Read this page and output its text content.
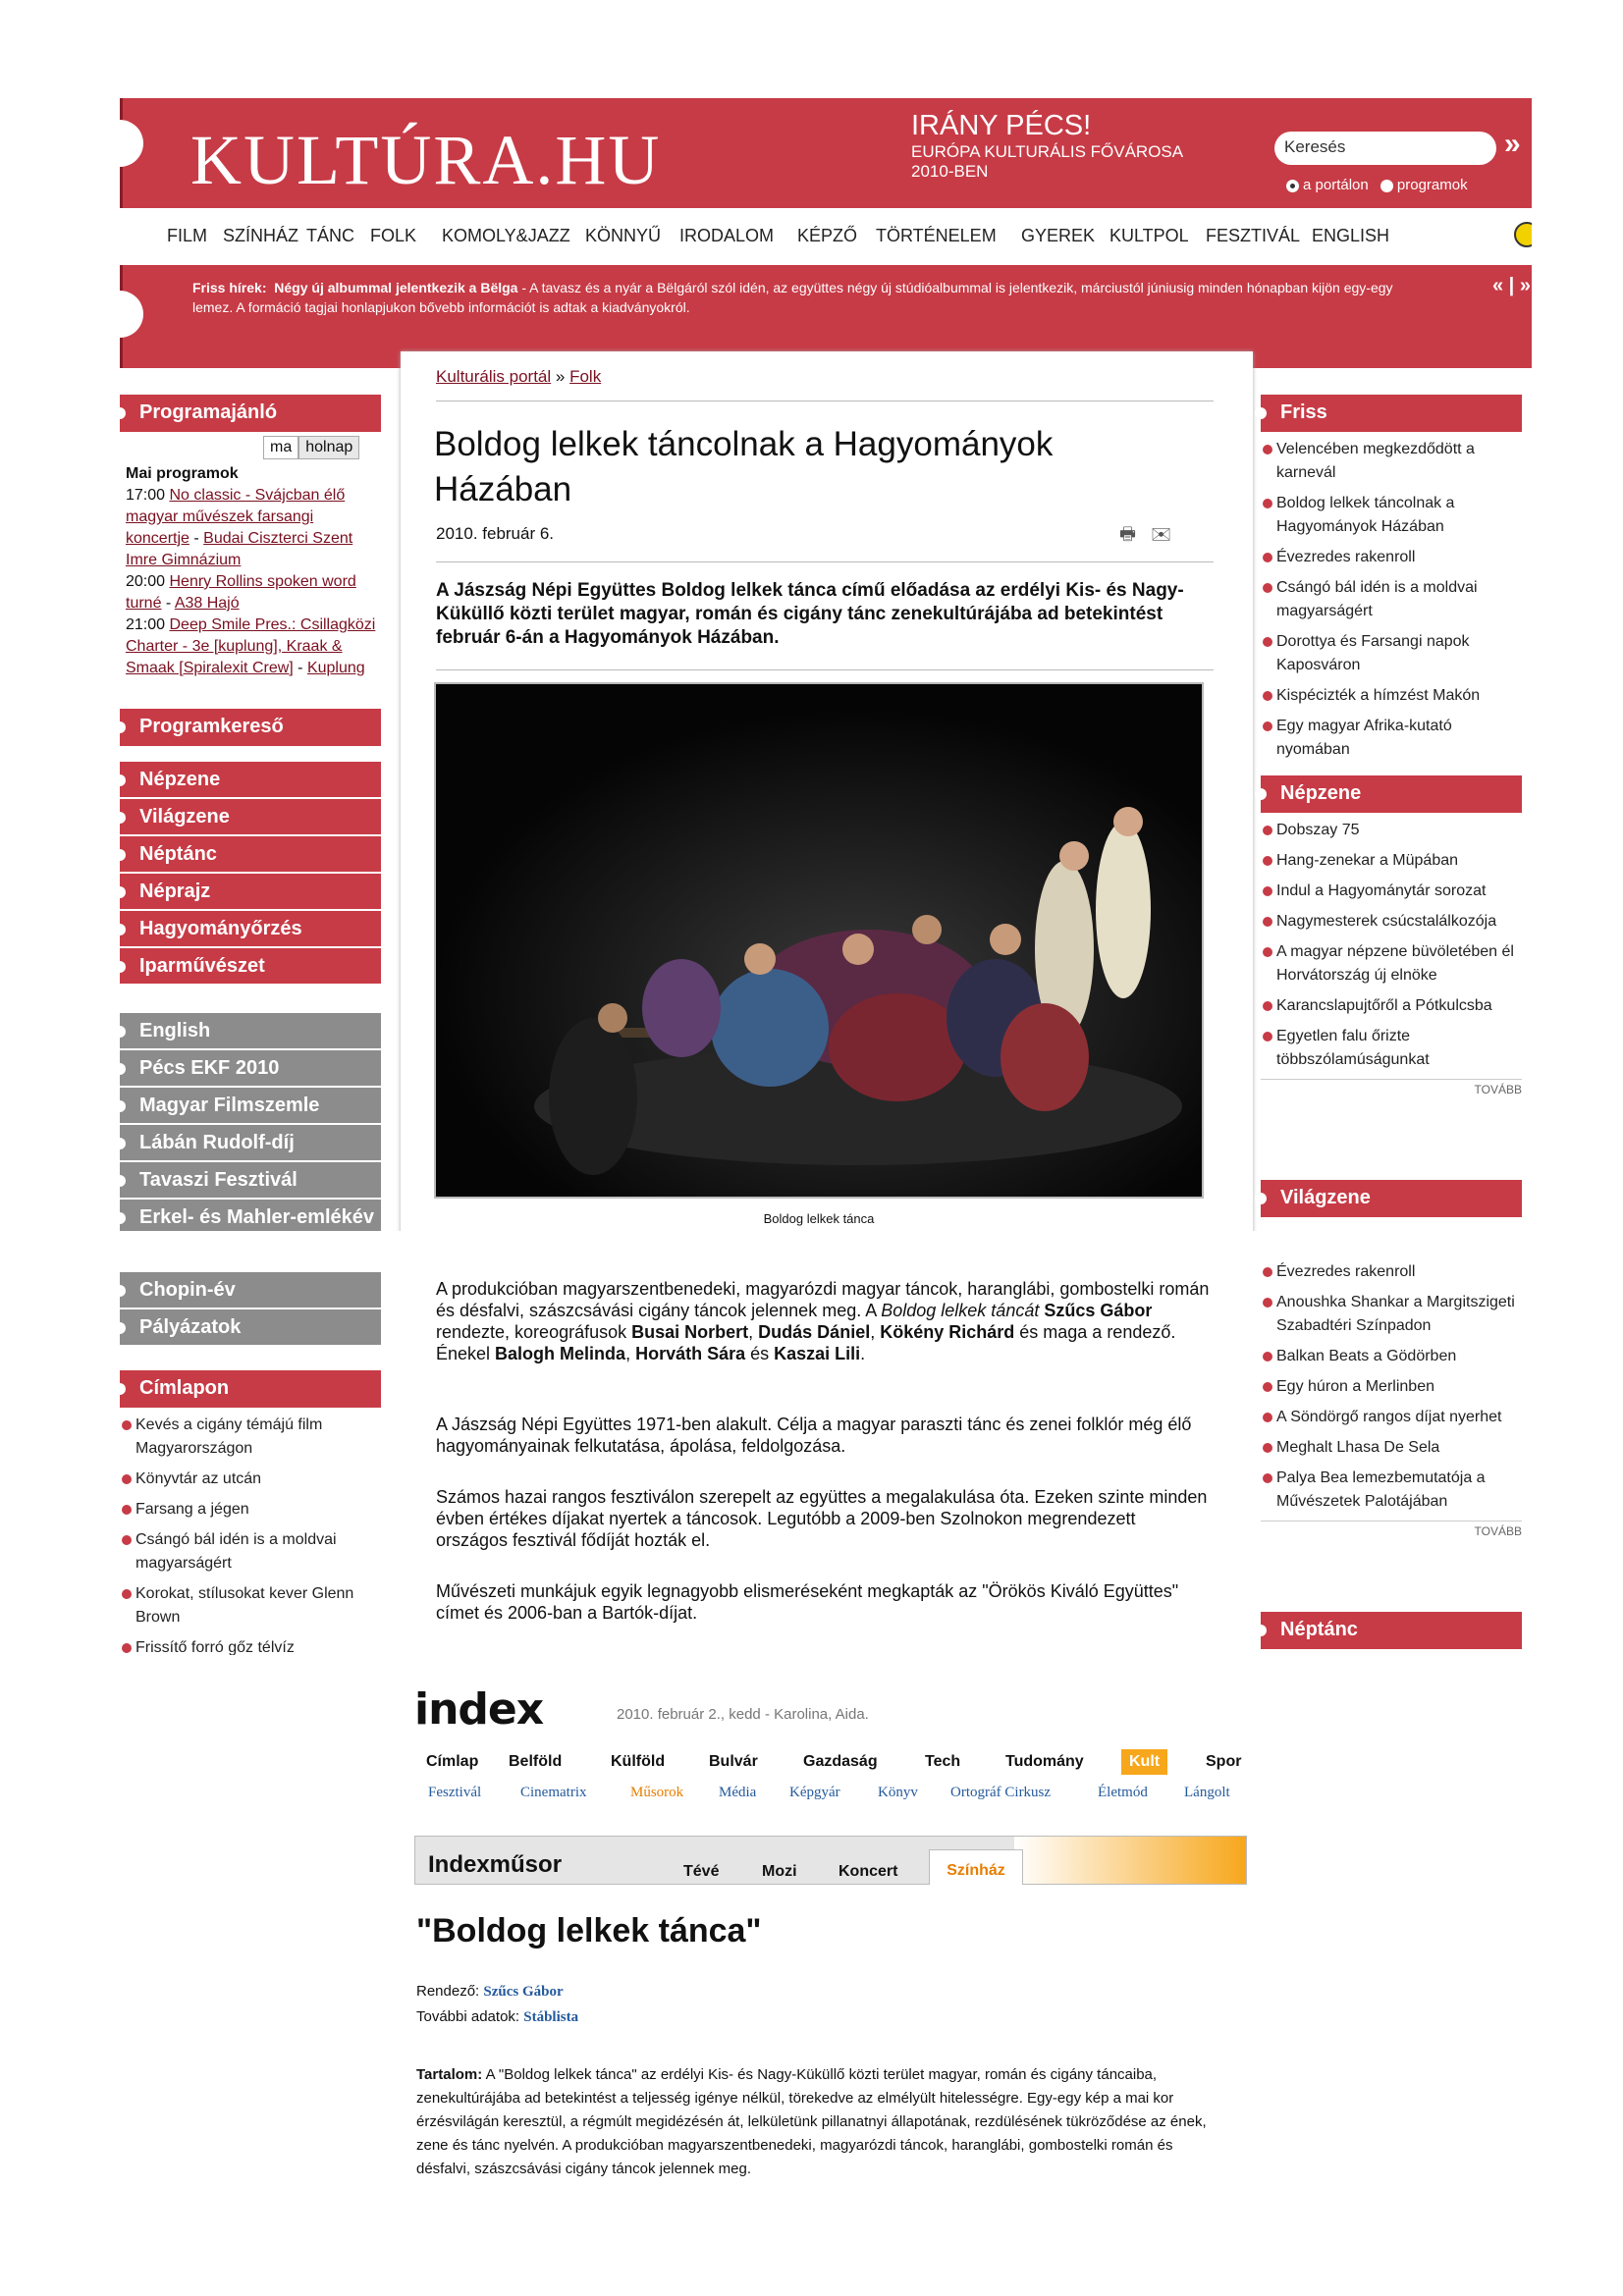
KULTÚRA.HU	IRÁNY PÉCS!
EURÓPA KULTURÁLIS FŐVÁROSA
2010-BEN
Keresés	»
a portálon programok
FILM SZÍNHÁZ TÁNC FOLK KOMOLY&JAZZ KÖNNYŰ IRODALOM KÉPZŐ TÖRTÉNELEM GYEREK KULTPOL FESZTIVÁL ENGLISH
Friss hírek: Négy új albummal jelentkezik a Bëlga - A tavasz és a nyár a Bëlgáról szól idén, az együttes négy új stúdióalbummal is jelentkezik, márciustól júniusig minden hónapban kijön egy-egy lemez. A formáció tagjai honlapjukon bővebb információt is adtak a kiadványokról.
« | »
Programajánló
ma holnap
Mai programok
17:00 No classic - Svájcban élő magyar művészek farsangi koncertje - Budai Ciszterci Szent Imre Gimnázium
20:00 Henry Rollins spoken word turné - A38 Hajó
21:00 Deep Smile Pres.: Csillagközi Charter - 3e [kuplung], Kraak & Smaak [Spiralexit Crew] - Kuplung
Programkereső
Népzene
Világzene
Néptánc
Néprajz
Hagyományőrzés
Iparművészet
English
Pécs EKF 2010
Magyar Filmszemle
Lábán Rudolf-díj
Tavaszi Fesztivál
Erkel- és Mahler-emlékév
Kulturális portál » Folk
Boldog lelkek táncolnak a Hagyományok Házában
2010. február 6.	🖶 ✉
A Jászság Népi Együttes Boldog lelkek tánca című előadása az erdélyi Kis- és Nagy-Küküllő közti terület magyar, román és cigány tánc zenekultúrájába ad betekintést február 6-án a Hagyományok Házában.
Boldog lelkek tánca
Friss
Velencében megkezdődött a karnevál
Boldog lelkek táncolnak a Hagyományok Házában
Évezredes rakenroll
Csángó bál idén is a moldvai magyarságért
Dorottya és Farsangi napok Kaposváron
Kispécizték a hímzést Makón
Egy magyar Afrika-kutató nyomában
Népzene
Dobszay 75
Hang-zenekar a Müpában
Indul a Hagyománytár sorozat
Nagymesterek csúcstalálkozója
A magyar népzene büvöletében él Horvátország új elnöke
Karancslapujtőről a Pótkulcsba
Egyetlen falu őrizte többszólamúságunkat
TOVÁBB
Világzene
Chopin-év
Pályázatok
Címlapon
Kevés a cigány témájú film Magyarországon
Könyvtár az utcán
Farsang a jégen
Csángó bál idén is a moldvai magyarságért
Korokat, stílusokat kever Glenn Brown
Frissítő forró gőz télvíz
A produkcióban magyarszentbenedeki, magyarózdi magyar táncok, haranglábi, gombostelki román és désfalvi, szászcsávási cigány táncok jelennek meg. A Boldog lelkek táncát Szűcs Gábor rendezte, koreográfusok Busai Norbert, Dudás Dániel, Kökény Richárd és maga a rendező. Énekel Balogh Melinda, Horváth Sára és Kaszai Lili.
A Jászság Népi Együttes 1971-ben alakult. Célja a magyar paraszti tánc és zenei folklór még élő hagyományainak felkutatása, ápolása, feldolgozása.
Számos hazai rangos fesztiválon szerepelt az együttes a megalakulása óta. Ezeken szinte minden évben értékes díjakat nyertek a táncosok. Legutóbb a 2009-ben Szolnokon megrendezett országos fesztivál fődíját hozták el.
Művészeti munkájuk egyik legnagyobb elismeréseként megkapták az "Örökös Kiváló Együttes" címet és 2006-ban a Bartók-díjat.
Évezredes rakenroll
Anoushka Shankar a Margitszigeti Szabadtéri Színpadon
Balkan Beats a Gödörben
Egy húron a Merlinben
A Söndörgő rangos díjat nyerhet
Meghalt Lhasa De Sela
Palya Bea lemezbemutatója a Művészetek Palotájában
TOVÁBB
Néptánc
index	2010. február 2., kedd - Karolina, Aida.
Címlap Belföld	Külföld	Bulvár	Gazdaság	Tech	Tudomány	Kult	Spor
Fesztivál	Cinematrix	Műsorok Média Képgyár	Könyv Ortográf Cirkusz	Életmód Lángolt
Indexműsor	Tévé	Mozi	Koncert	Színház
"Boldog lelkek tánca"
Rendező: Szűcs Gábor
További adatok: Stáblista
Tartalom: A "Boldog lelkek tánca" az erdélyi Kis- és Nagy-Küküllő közti terület magyar, román és cigány táncaiba, zenekultúrájába ad betekintést a teljesség igénye nélkül, törekedve az elmélyült hitelességre. Egy-egy kép a mai kor érzésvilágán keresztül, a régmúlt megidézésén át, lelkületünk pillanatnyi állapotának, rezdülésének tükröződése az ének, zene és tánc nyelvén. A produkcióban magyarszentbenedeki, magyarózdi táncok, haranglábi, gombostelki román és désfalvi, szászcsávási cigány táncok jelennek meg.
